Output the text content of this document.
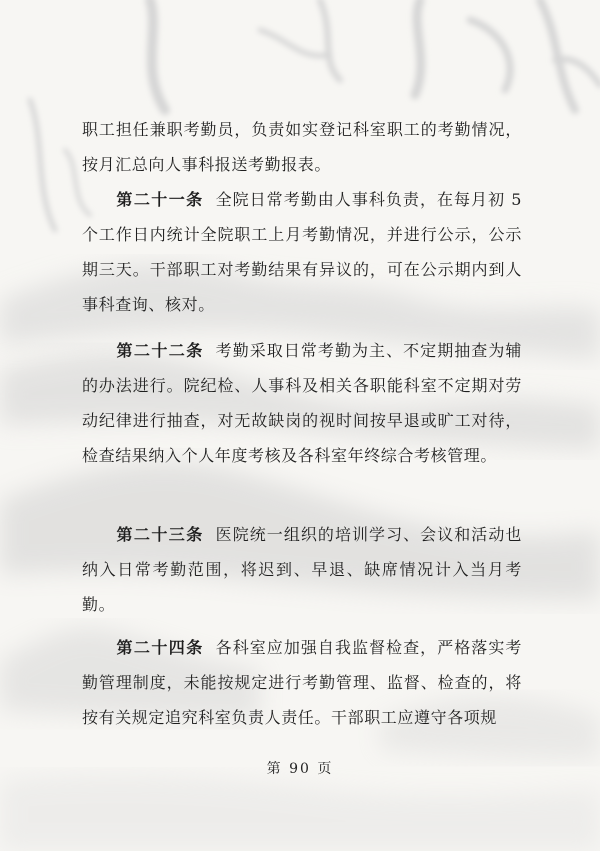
职工担任兼职考勤员，负责如实登记科室职工的考勤情况，按月汇总向人事科报送考勤报表。

第二十一条 全院日常考勤由人事科负责，在每月初 5 个工作日内统计全院职工上月考勤情况，并进行公示，公示期三天。干部职工对考勤结果有异议的，可在公示期内到人事科查询、核对。

第二十二条 考勤采取日常考勤为主、不定期抽查为辅的办法进行。院纪检、人事科及相关各职能科室不定期对劳动纪律进行抽查，对无故缺岗的视时间按早退或旷工对待，检查结果纳入个人年度考核及各科室年终综合考核管理。

第二十三条 医院统一组织的培训学习、会议和活动也纳入日常考勤范围，将迟到、早退、缺席情况计入当月考勤。

第二十四条 各科室应加强自我监督检查，严格落实考勤管理制度，未能按规定进行考勤管理、监督、检查的，将按有关规定追究科室负责人责任。干部职工应遵守各项规

第 90 页
